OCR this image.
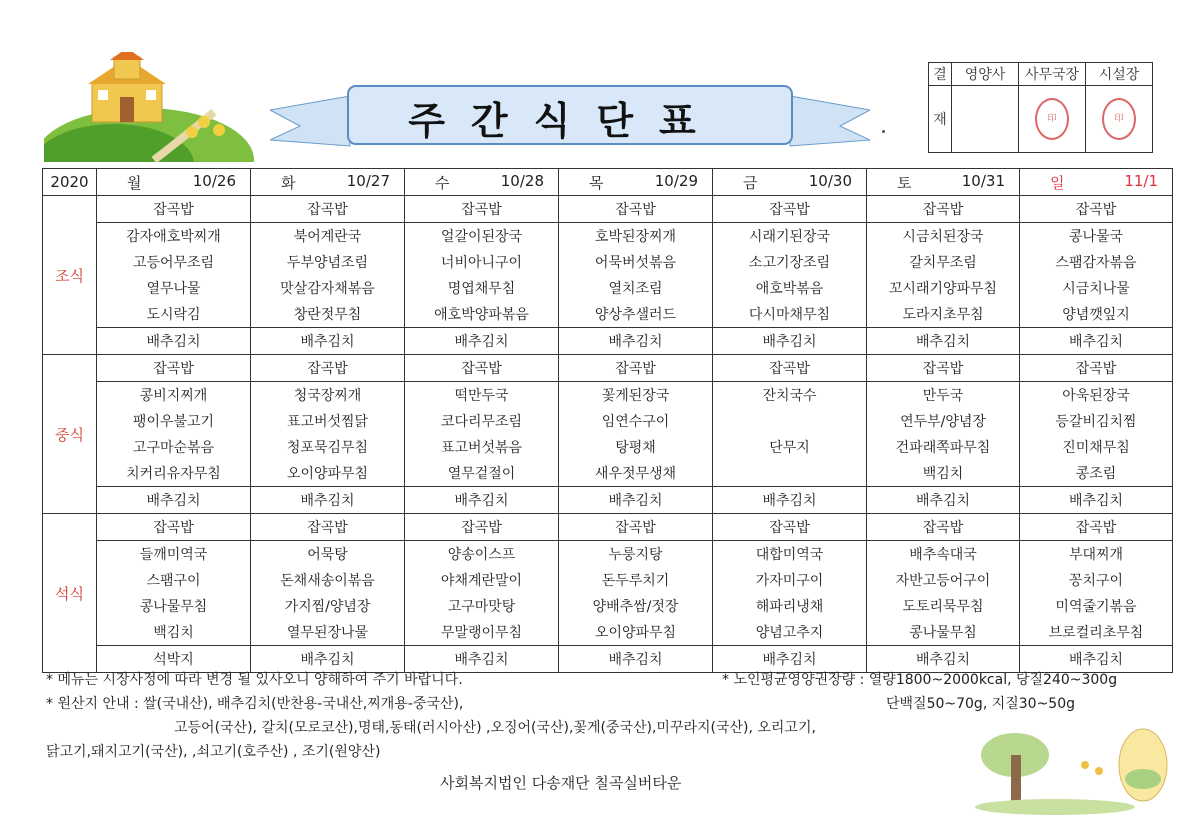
주간식단표
결	영양사	사무국장	시설장
재		印	印
2020	월 10/26	화 10/27	수 10/28	목 10/29	금 10/30	토 10/31	일 11/1

조식	잡곡밥	잡곡밥	잡곡밥	잡곡밥	잡곡밥	잡곡밥	잡곡밥
	감자애호박찌개	북어계란국	얼갈이된장국	호박된장찌개	시래기된장국	시금치된장국	콩나물국
	고등어무조림	두부양념조림	너비아니구이	어묵버섯볶음	소고기장조림	갈치무조림	스팸감자볶음
	열무나물	맛살감자채볶음	명엽채무침	열치조림	애호박볶음	꼬시래기양파무침	시금치나물
	도시락김	창란젓무침	애호박양파볶음	양상추샐러드	다시마채무침	도라지초무침	양념깻잎지
	배추김치	배추김치	배추김치	배추김치	배추김치	배추김치	배추김치
중식	잡곡밥	잡곡밥	잡곡밥	잡곡밥	잡곡밥	잡곡밥	잡곡밥
	콩비지찌개	청국장찌개	떡만두국	꽃게된장국	잔치국수	만두국	아욱된장국
	팽이우불고기	표고버섯찜닭	코다리무조림	임연수구이		연두부/양념장	등갈비김치찜
	고구마순볶음	청포묵김무침	표고버섯볶음	탕평채	단무지	건파래쪽파무침	진미채무침
	치커리유자무침	오이양파무침	열무겉절이	새우젓무생채		백김치	콩조림
	배추김치	배추김치	배추김치	배추김치	배추김치	배추김치	배추김치
석식	잡곡밥	잡곡밥	잡곡밥	잡곡밥	잡곡밥	잡곡밥	잡곡밥
	들깨미역국	어묵탕	양송이스프	누룽지탕	대합미역국	배추속대국	부대찌개
	스팸구이	돈채새송이볶음	야채계란말이	돈두루치기	가자미구이	자반고등어구이	꽁치구이
	콩나물무침	가지찜/양념장	고구마맛탕	양배추쌈/젓장	해파리냉채	도토리묵무침	미역줄기볶음
	백김치	열무된장나물	무말랭이무침	오이양파무침	양념고추지	콩나물무침	브로컬리초무침
	석박지	배추김치	배추김치	배추김치	배추김치	배추김치	배추김치
* 메뉴는 시장사정에 따라 변경 될 있사오니 양해하여 주기 바랍니다.
* 원산지 안내 : 쌀(국내산), 배추김치(반찬용-국내산,찌개용-중국산),
고등어(국산), 갈치(모로코산),명태,동태(러시아산) ,오징어(국산),꽃게(중국산),미꾸라지(국산), 오리고기,
닭고기,돼지고기(국산), ,쇠고기(호주산) , 조기(원양산)
* 노인평균영양권장량 : 열량1800~2000kcal, 당질240~300g
단백질50~70g, 지질30~50g
사회복지법인 다송재단 칠곡실버타운
